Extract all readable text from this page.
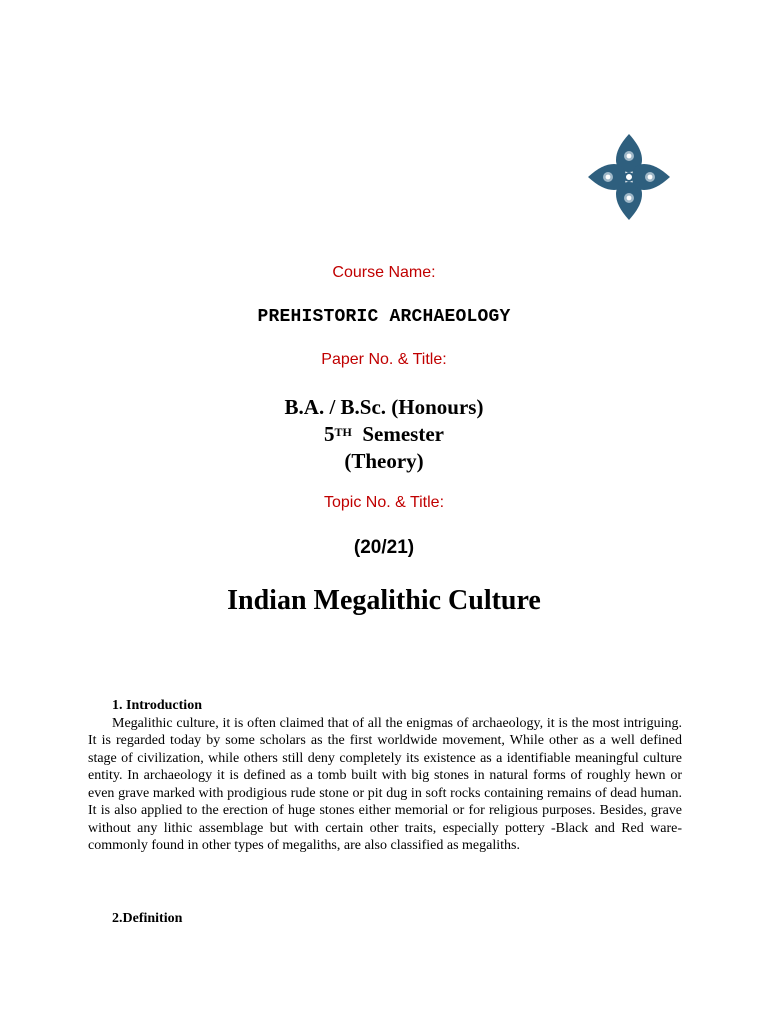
Course Name:
PREHISTORIC ARCHAEOLOGY
Paper No. & Title:
B.A. / B.Sc. (Honours)
5TH Semester
(Theory)
Topic No. & Title:
(20/21)
Indian Megalithic Culture
1. Introduction
Megalithic culture, it is often claimed that of all the enigmas of archaeology, it is the most intriguing. It is regarded today by some scholars as the first worldwide movement, While other as a well defined stage of civilization, while others still deny completely its existence as a identifiable meaningful culture entity. In archaeology it is defined as a tomb built with big stones in natural forms of roughly hewn or even grave marked with prodigious rude stone or pit dug in soft rocks containing remains of dead human. It is also applied to the erection of huge stones either memorial or for religious purposes. Besides, grave without any lithic assemblage but with certain other traits, especially pottery -Black and Red ware- commonly found in other types of megaliths, are also classified as megaliths.
2.Definition
